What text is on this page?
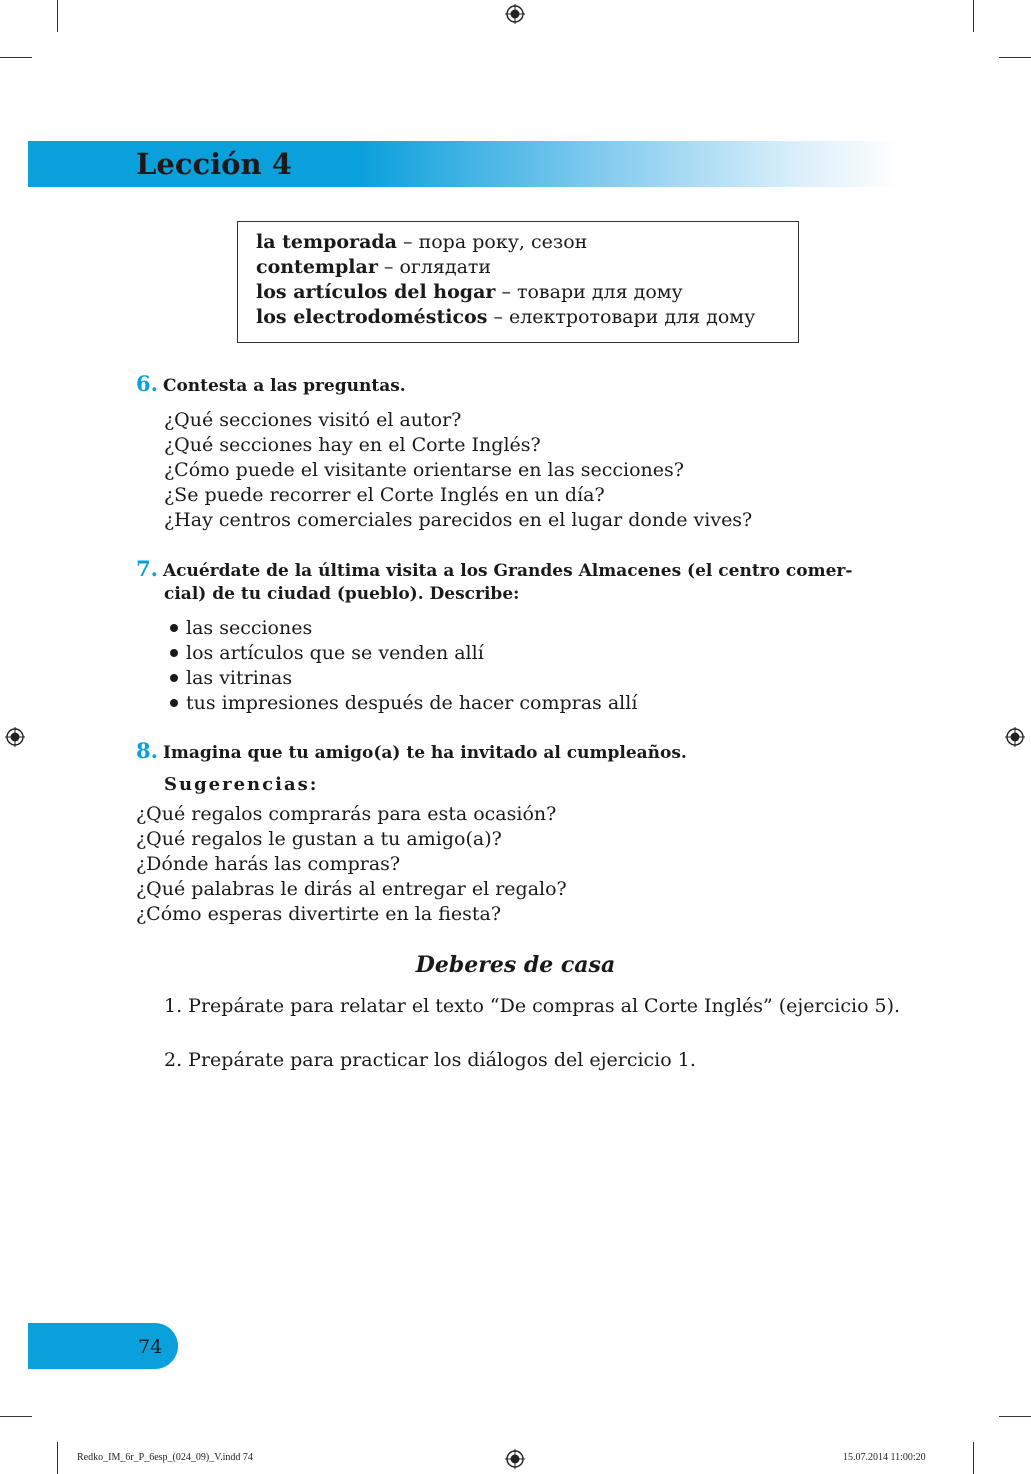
Lección 4
la temporada – пора року, сезон
contemplar – оглядати
los artículos del hogar – товари для дому
los electrodomésticos – електротовари для дому
6. Contesta a las preguntas.
¿Qué secciones visitó el autor?
¿Qué secciones hay en el Corte Inglés?
¿Cómo puede el visitante orientarse en las secciones?
¿Se puede recorrer el Corte Inglés en un día?
¿Hay centros comerciales parecidos en el lugar donde vives?
7. Acuérdate de la última visita a los Grandes Almacenes (el centro comer-
cial) de tu ciudad (pueblo). Describe:
las secciones
los artículos que se venden allí
las vitrinas
tus impresiones después de hacer compras allí
8. Imagina que tu amigo(a) te ha invitado al cumpleaños.
Sugerencias:
¿Qué regalos comprarás para esta ocasión?
¿Qué regalos le gustan a tu amigo(a)?
¿Dónde harás las compras?
¿Qué palabras le dirás al entregar el regalo?
¿Cómo esperas divertirte en la fiesta?
Deberes de casa
1. Prepárate para relatar el texto “De compras al Corte Inglés” (ejercicio 5).
2. Prepárate para practicar los diálogos del ejercicio 1.
74
Redko_IM_6r_P_6esp_(024_09)_V.indd 74	15.07.2014 11:00:20
